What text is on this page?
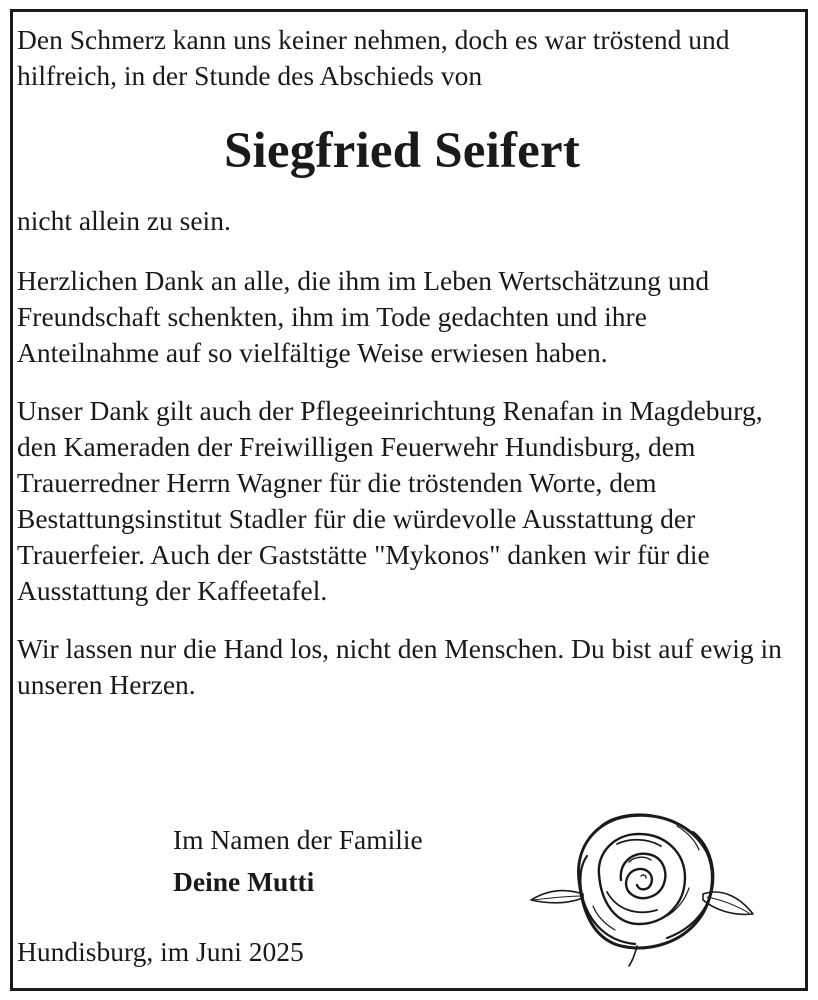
Den Schmerz kann uns keiner nehmen, doch es war tröstend und hilfreich, in der Stunde des Abschieds von

Siegfried Seifert

nicht allein zu sein.

Herzlichen Dank an alle, die ihm im Leben Wertschätzung und Freundschaft schenkten, ihm im Tode gedachten und ihre Anteilnahme auf so vielfältige Weise erwiesen haben.

Unser Dank gilt auch der Pflegeeinrichtung Renafan in Magdeburg, den Kameraden der Freiwilligen Feuerwehr Hundisburg, dem Trauerredner Herrn Wagner für die tröstenden Worte, dem Bestattungsinstitut Stadler für die würdevolle Ausstattung der Trauerfeier. Auch der Gaststätte "Mykonos" danken wir für die Ausstattung der Kaffeetafel.

Wir lassen nur die Hand los, nicht den Menschen. Du bist auf ewig in unseren Herzen.

Im Namen der Familie
Deine Mutti
Hundisburg, im Juni 2025
